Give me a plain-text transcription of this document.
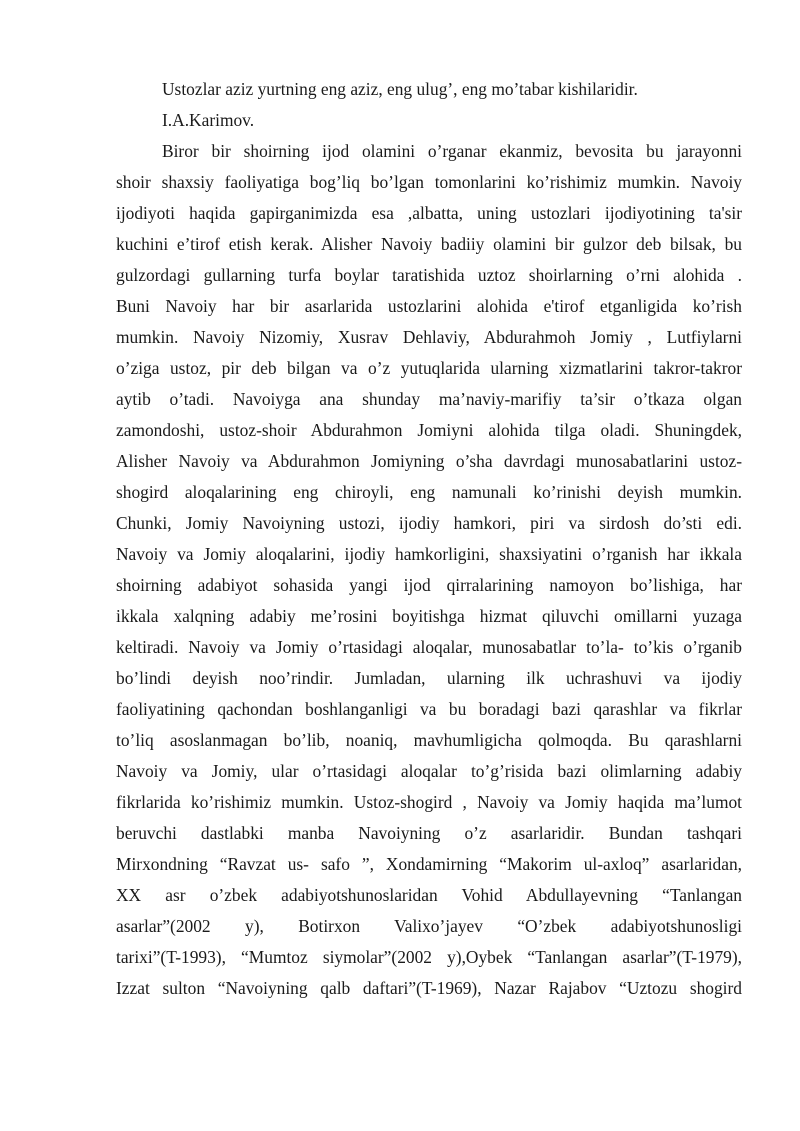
Ustozlar aziz yurtning eng aziz, eng ulug’, eng mo’tabar kishilaridir.
I.A.Karimov.
Biror bir shoirning ijod olamini o’rganar ekanmiz, bevosita bu jarayonni
shoir shaxsiy faoliyatiga bog’liq bo’lgan tomonlarini ko’rishimiz mumkin. Navoiy
ijodiyoti haqida gapirganimizda esa ,albatta, uning ustozlari ijodiyotining ta'sir
kuchini e’tirof etish kerak. Alisher Navoiy badiiy olamini bir gulzor deb bilsak, bu
gulzordagi gullarning turfa boylar taratishida uztoz shoirlarning o’rni alohida .
Buni Navoiy har bir asarlarida ustozlarini alohida e'tirof etganligida ko’rish
mumkin. Navoiy Nizomiy, Xusrav Dehlaviy, Abdurahmoh Jomiy , Lutfiylarni
o’ziga ustoz, pir deb bilgan va o’z yutuqlarida ularning xizmatlarini takror-takror
aytib o’tadi. Navoiyga ana shunday ma’naviy-marifiy ta’sir o’tkaza olgan
zamondoshi, ustoz-shoir Abdurahmon Jomiyni alohida tilga oladi. Shuningdek,
Alisher Navoiy va Abdurahmon Jomiyning o’sha davrdagi munosabatlarini ustoz-
shogird aloqalarining eng chiroyli, eng namunali ko’rinishi deyish mumkin.
Chunki, Jomiy Navoiyning ustozi, ijodiy hamkori, piri va sirdosh do’sti edi.
Navoiy va Jomiy aloqalarini, ijodiy hamkorligini, shaxsiyatini o’rganish har ikkala
shoirning adabiyot sohasida yangi ijod qirralarining namoyon bo’lishiga, har
ikkala xalqning adabiy me’rosini boyitishga hizmat qiluvchi omillarni yuzaga
keltiradi. Navoiy va Jomiy o’rtasidagi aloqalar, munosabatlar to’la- to’kis o’rganib
bo’lindi deyish noo’rindir. Jumladan, ularning ilk uchrashuvi va ijodiy
faoliyatining qachondan boshlanganligi va bu boradagi bazi qarashlar va fikrlar
to’liq asoslanmagan bo’lib, noaniq, mavhumligicha qolmoqda. Bu qarashlarni
Navoiy va Jomiy, ular o’rtasidagi aloqalar to’g’risida bazi olimlarning adabiy
fikrlarida ko’rishimiz mumkin. Ustoz-shogird , Navoiy va Jomiy haqida ma’lumot
beruvchi dastlabki manba Navoiyning o’z asarlaridir. Bundan tashqari
Mirxondning “Ravzat us- safo ”, Xondamirning “Makorim ul-axloq” asarlaridan,
XX asr o’zbek adabiyotshunoslaridan Vohid Abdullayevning “Tanlangan
asarlar”(2002 y), Botirxon Valixo’jayev “O’zbek adabiyotshunosligi
tarixi”(T-1993), “Mumtoz siymolar”(2002 y),Oybek “Tanlangan asarlar”(T-1979),
Izzat sulton “Navoiyning qalb daftari”(T-1969), Nazar Rajabov “Uztozu shogird
